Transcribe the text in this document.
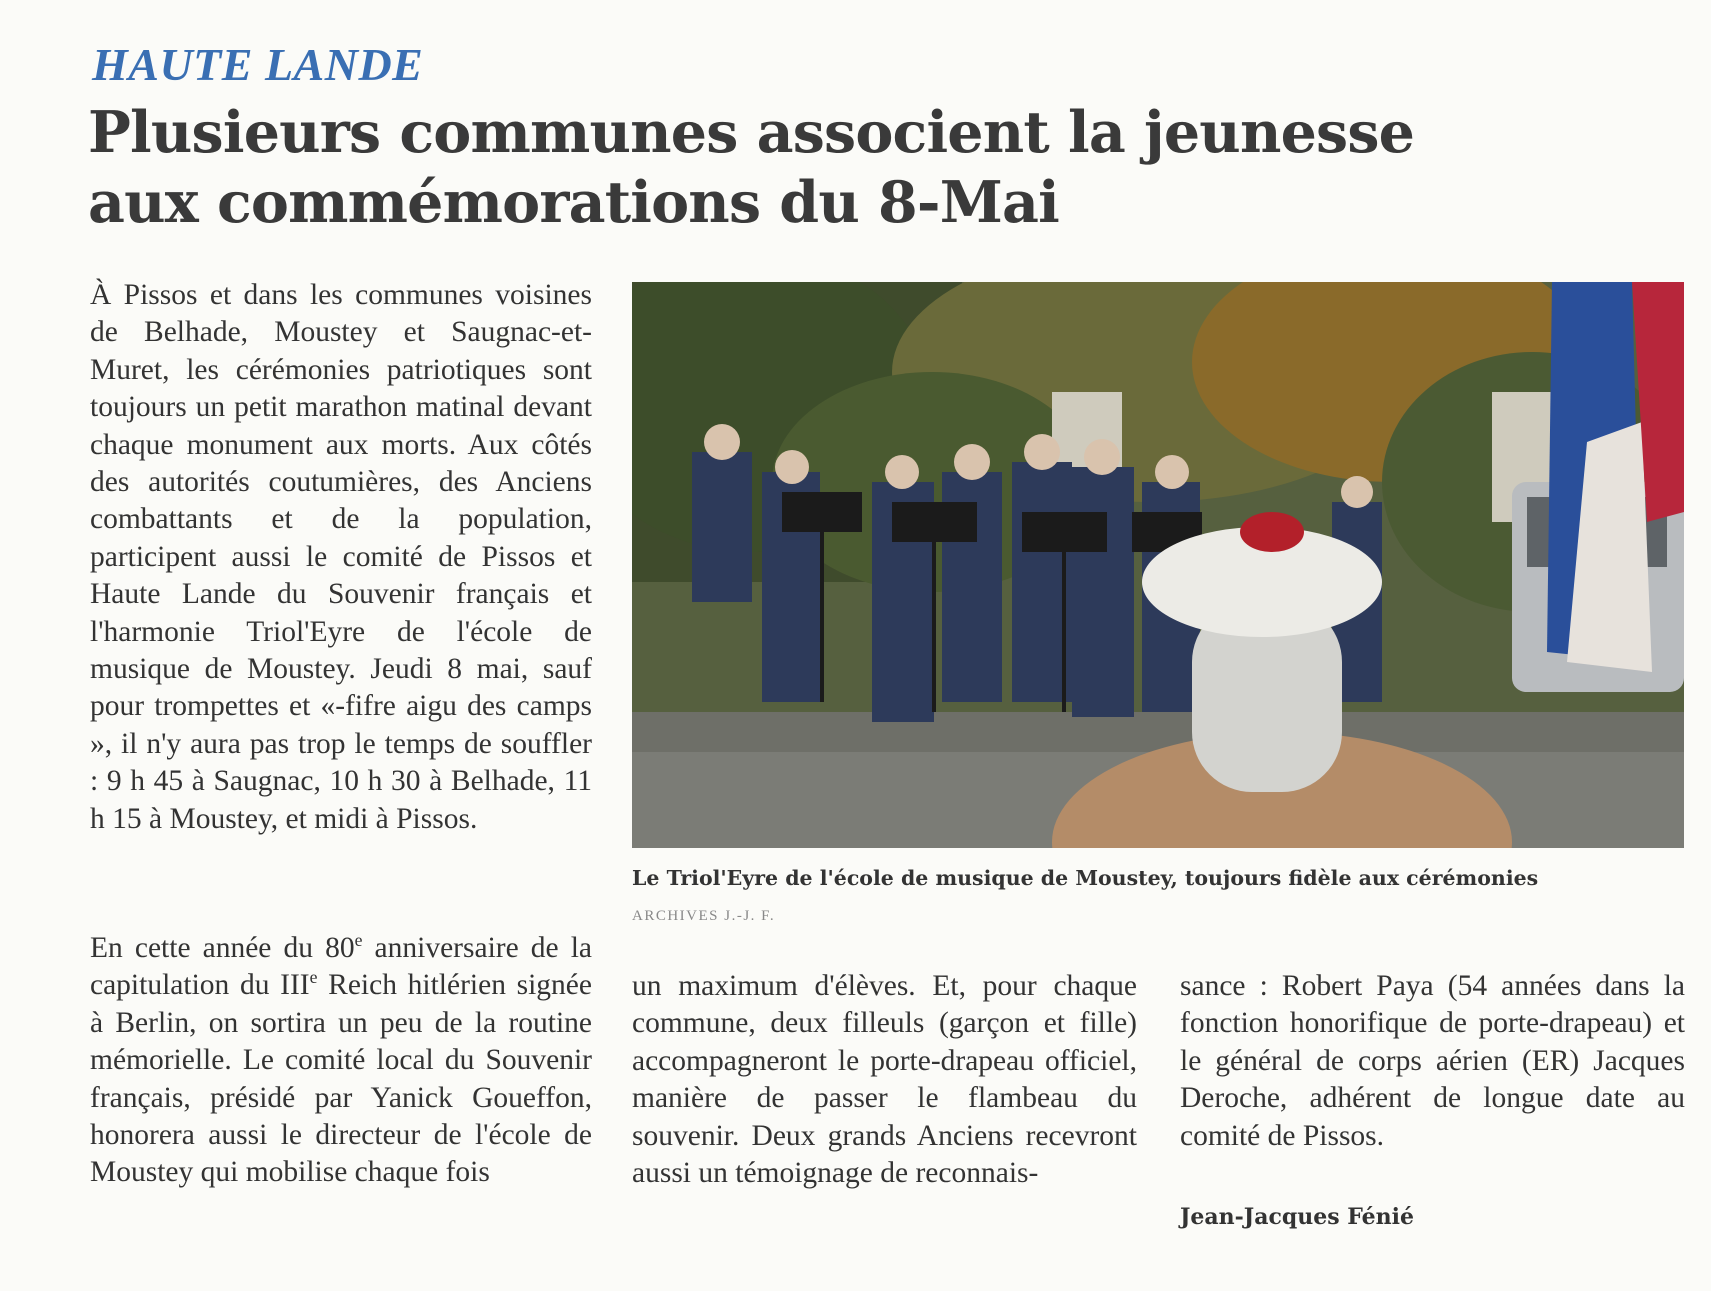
HAUTE LANDE
Plusieurs communes associent la jeunesse
aux commémorations du 8-Mai

À Pissos et dans les communes voisines de Belhade, Moustey et Saugnac-et-Muret, les cérémonies patriotiques sont toujours un petit marathon matinal devant chaque monument aux morts. Aux côtés des autorités coutumières, des Anciens combattants et de la population, participent aussi le comité de Pissos et Haute Lande du Souvenir français et l'harmonie Triol'Eyre de l'école de musique de Moustey. Jeudi 8 mai, sauf pour trompettes et «-fifre aigu des camps », il n'y aura pas trop le temps de souffler : 9 h 45 à Saugnac, 10 h 30 à Belhade, 11 h 15 à Moustey, et midi à Pissos.

En cette année du 80e anniversaire de la capitulation du IIIe Reich hitlérien signée à Berlin, on sortira un peu de la routine mémorielle. Le comité local du Souvenir français, présidé par Yanick Goueffon, honorera aussi le directeur de l'école de Moustey qui mobilise chaque fois

Le Triol'Eyre de l'école de musique de Moustey, toujours fidèle aux cérémonies
ARCHIVES J.-J. F.

un maximum d'élèves. Et, pour chaque commune, deux filleuls (garçon et fille) accompagneront le porte-drapeau officiel, manière de passer le flambeau du souvenir. Deux grands Anciens recevront aussi un témoignage de reconnais-

sance : Robert Paya (54 années dans la fonction honorifique de porte-drapeau) et le général de corps aérien (ER) Jacques Deroche, adhérent de longue date au comité de Pissos.

Jean-Jacques Fénié
